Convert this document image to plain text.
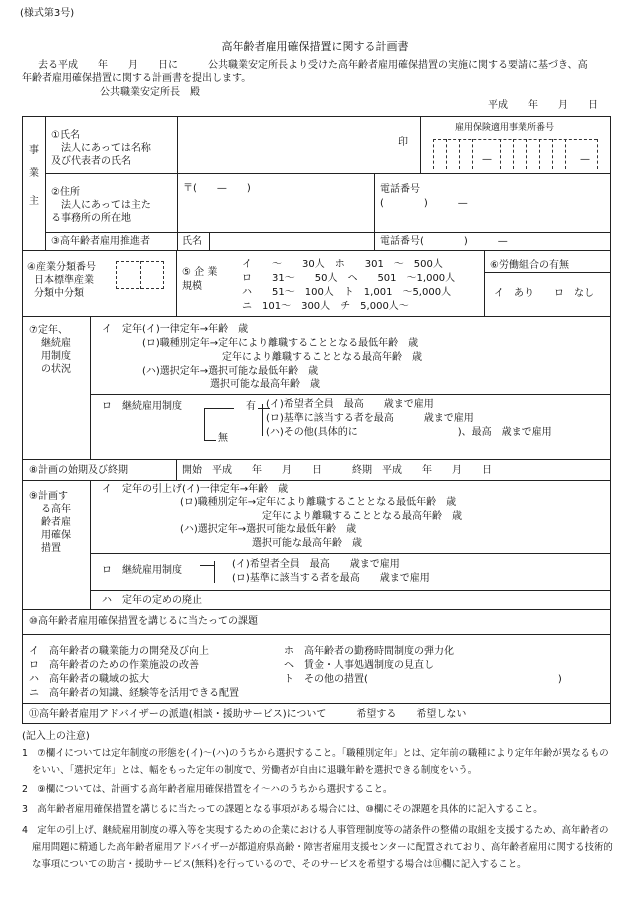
(様式第3号)
高年齢者雇用確保措置に関する計画書
去る平成　　年　　月　　日に　　　公共職業安定所長より受けた高年齢者雇用確保措置の実施に関する要請に基づき、高
年齢者雇用確保措置に関する計画書を提出します。
公共職業安定所長　殿
平成　　年　　月　　日
事
業
主
①氏名
　法人にあっては名称
及び代表者の氏名
印
雇用保険適用事業所番号
—	—
②住所
　法人にあっては主た
る事務所の所在地
〒(　　—　　)	電話番号
(　　　　)　　　—
③高年齢者雇用推進者	氏名	電話番号(　　　　)　　　—
④産業分類番号
日本標準産業
分類中分類
⑤ 企 業
規模
イ　　～　　30人　ホ　　301　～　500人
ロ　　31～　　50人　ヘ　　501　～1,000人
ハ　　51～　100人　ト　1,001　～5,000人
ニ　101～　300人　チ　5,000人～
⑥労働組合の有無
イ　あり　　ロ　なし
⑦定年、
継続雇
用制度
の状況
イ　定年(イ)一律定年→年齢　歳
(ロ)職種別定年→定年により離職することとなる最低年齢　歳
定年により離職することとなる最高年齢　歳
(ハ)選択定年→選択可能な最低年齢　歳
選択可能な最高年齢　歳
ロ　継続雇用制度
無
有 (イ)希望者全員　最高　　歳まで雇用
(ロ)基準に該当する者を最高　　　歳まで雇用
(ハ)その他(具体的に　　　　　　　　　　)、最高　歳まで雇用
⑧計画の始期及び終期	開始　平成　　年　　月　　日　　　終期　平成　　年　　月　　日
⑨計画す
る高年
齢者雇
用確保
措置
イ　定年の引上げ(イ)一律定年→年齢　歳
(ロ)職種別定年→定年により離職することとなる最低年齢　歳
定年により離職することとなる最高年齢　歳
(ハ)選択定年→選択可能な最低年齢　歳
選択可能な最高年齢　歳
ロ　継続雇用制度
(イ)希望者全員　最高　　歳まで雇用
(ロ)基準に該当する者を最高　　歳まで雇用
ハ　定年の定めの廃止
⑩高年齢者雇用確保措置を講じるに当たっての課題
イ　高年齢者の職業能力の開発及び向上
ロ　高年齢者のための作業施設の改善
ハ　高年齢者の職域の拡大
ニ　高年齢者の知識、経験等を活用できる配置
ホ　高年齢者の勤務時間制度の弾力化
ヘ　賃金・人事処遇制度の見直し
ト　その他の措置(　　　　　　　　　　　　　　　　　　　)
⑪高年齢者雇用アドバイザーの派遣(相談・援助サービス)について　　　希望する　　希望しない
(記入上の注意)
1　⑦欄イについては定年制度の形態を(イ)～(ハ)のうちから選択すること。「職種別定年」とは、定年前の職種により定年年齢が異なるものをいい、「選択定年」とは、幅をもった定年の制度で、労働者が自由に退職年齢を選択できる制度をいう。
2　⑨欄については、計画する高年齢者雇用確保措置をイ～ハのうちから選択すること。
3　高年齢者雇用確保措置を講じるに当たっての課題となる事項がある場合には、⑩欄にその課題を具体的に記入すること。
4　定年の引上げ、継続雇用制度の導入等を実現するための企業における人事管理制度等の諸条件の整備の取組を支援するため、高年齢者の雇用問題に精通した高年齢者雇用アドバイザーが都道府県高齢・障害者雇用支援センターに配置されており、高年齢者雇用に関する技術的な事項についての助言・援助サービス(無料)を行っているので、そのサービスを希望する場合は⑪欄に記入すること。
